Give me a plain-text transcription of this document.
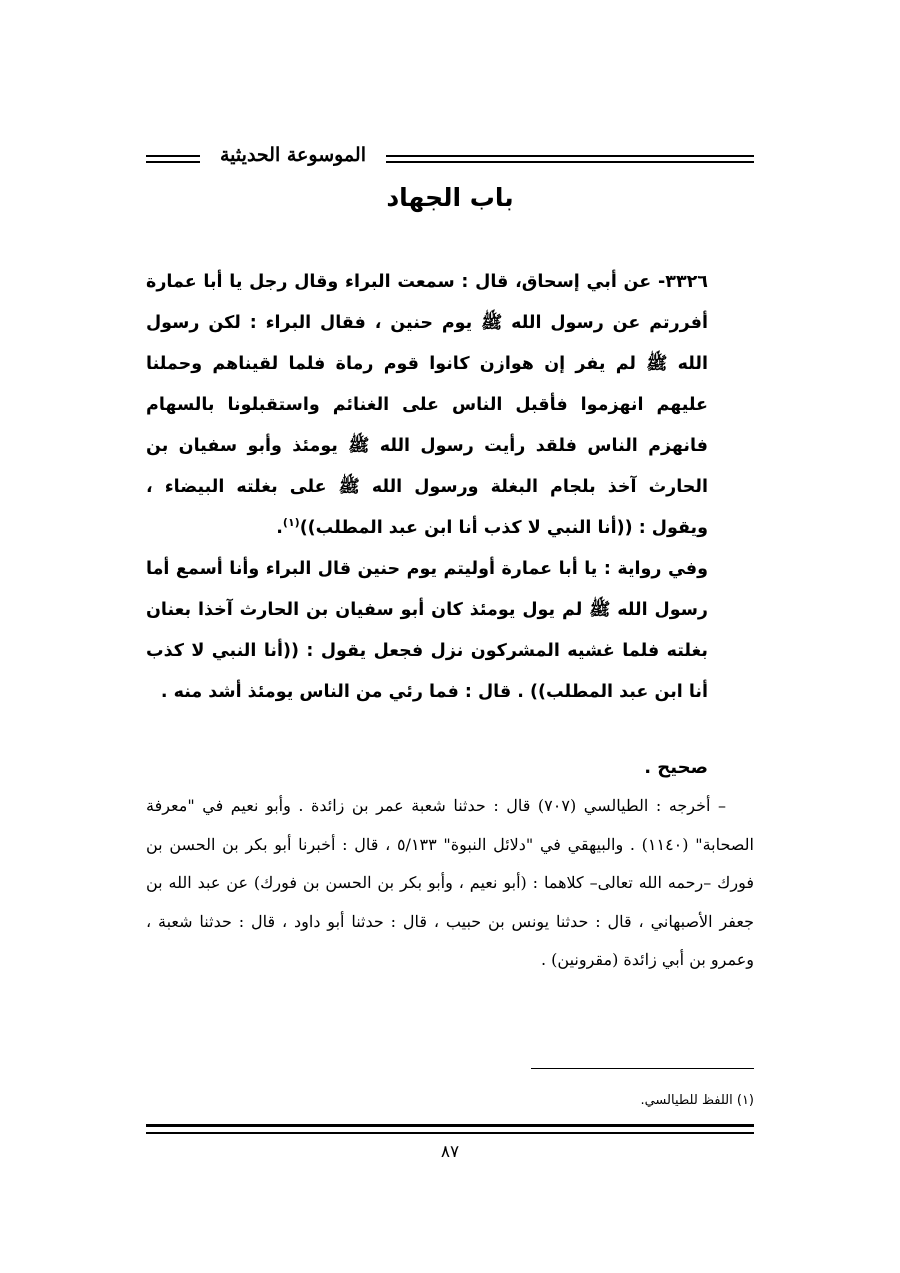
الموسوعة الحديثية
باب الجهاد

٣٣٢٦- عن أبي إسحاق، قال : سمعت البراء وقال رجل يا أبا عمارة أفررتم عن رسول الله ﷺ يوم حنين ، فقال البراء : لكن رسول الله ﷺ لم يفر إن هوازن كانوا قوم رماة فلما لقيناهم وحملنا عليهم انهزموا فأقبل الناس على الغنائم واستقبلونا بالسهام فانهزم الناس فلقد رأيت رسول الله ﷺ يومئذ وأبو سفيان بن الحارث آخذ بلجام البغلة ورسول الله ﷺ على بغلته البيضاء ، ويقول : ((أنا النبي لا كذب أنا ابن عبد المطلب))$^{(١)}$.

وفي رواية : يا أبا عمارة أوليتم يوم حنين قال البراء وأنا أسمع أما رسول الله ﷺ لم يول يومئذ كان أبو سفيان بن الحارث آخذا بعنان بغلته فلما غشيه المشركون نزل فجعل يقول : ((أنا النبي لا كذب أنا ابن عبد المطلب)) . قال : فما رئي من الناس يومئذ أشد منه .

صحيح .

– أخرجه : الطيالسي (٧٠٧) قال : حدثنا شعبة عمر بن زائدة . وأبو نعيم في "معرفة الصحابة" (١١٤٠) . والبيهقي في "دلائل النبوة" ٥/١٣٣ ، قال : أخبرنا أبو بكر بن الحسن بن فورك –رحمه الله تعالى– كلاهما : (أبو نعيم ، وأبو بكر بن الحسن بن فورك) عن عبد الله بن جعفر الأصبهاني ، قال : حدثنا يونس بن حبيب ، قال : حدثنا أبو داود ، قال : حدثنا شعبة ، وعمرو بن أبي زائدة (مقرونين) .

(١) اللفظ للطيالسي.
٨٧
